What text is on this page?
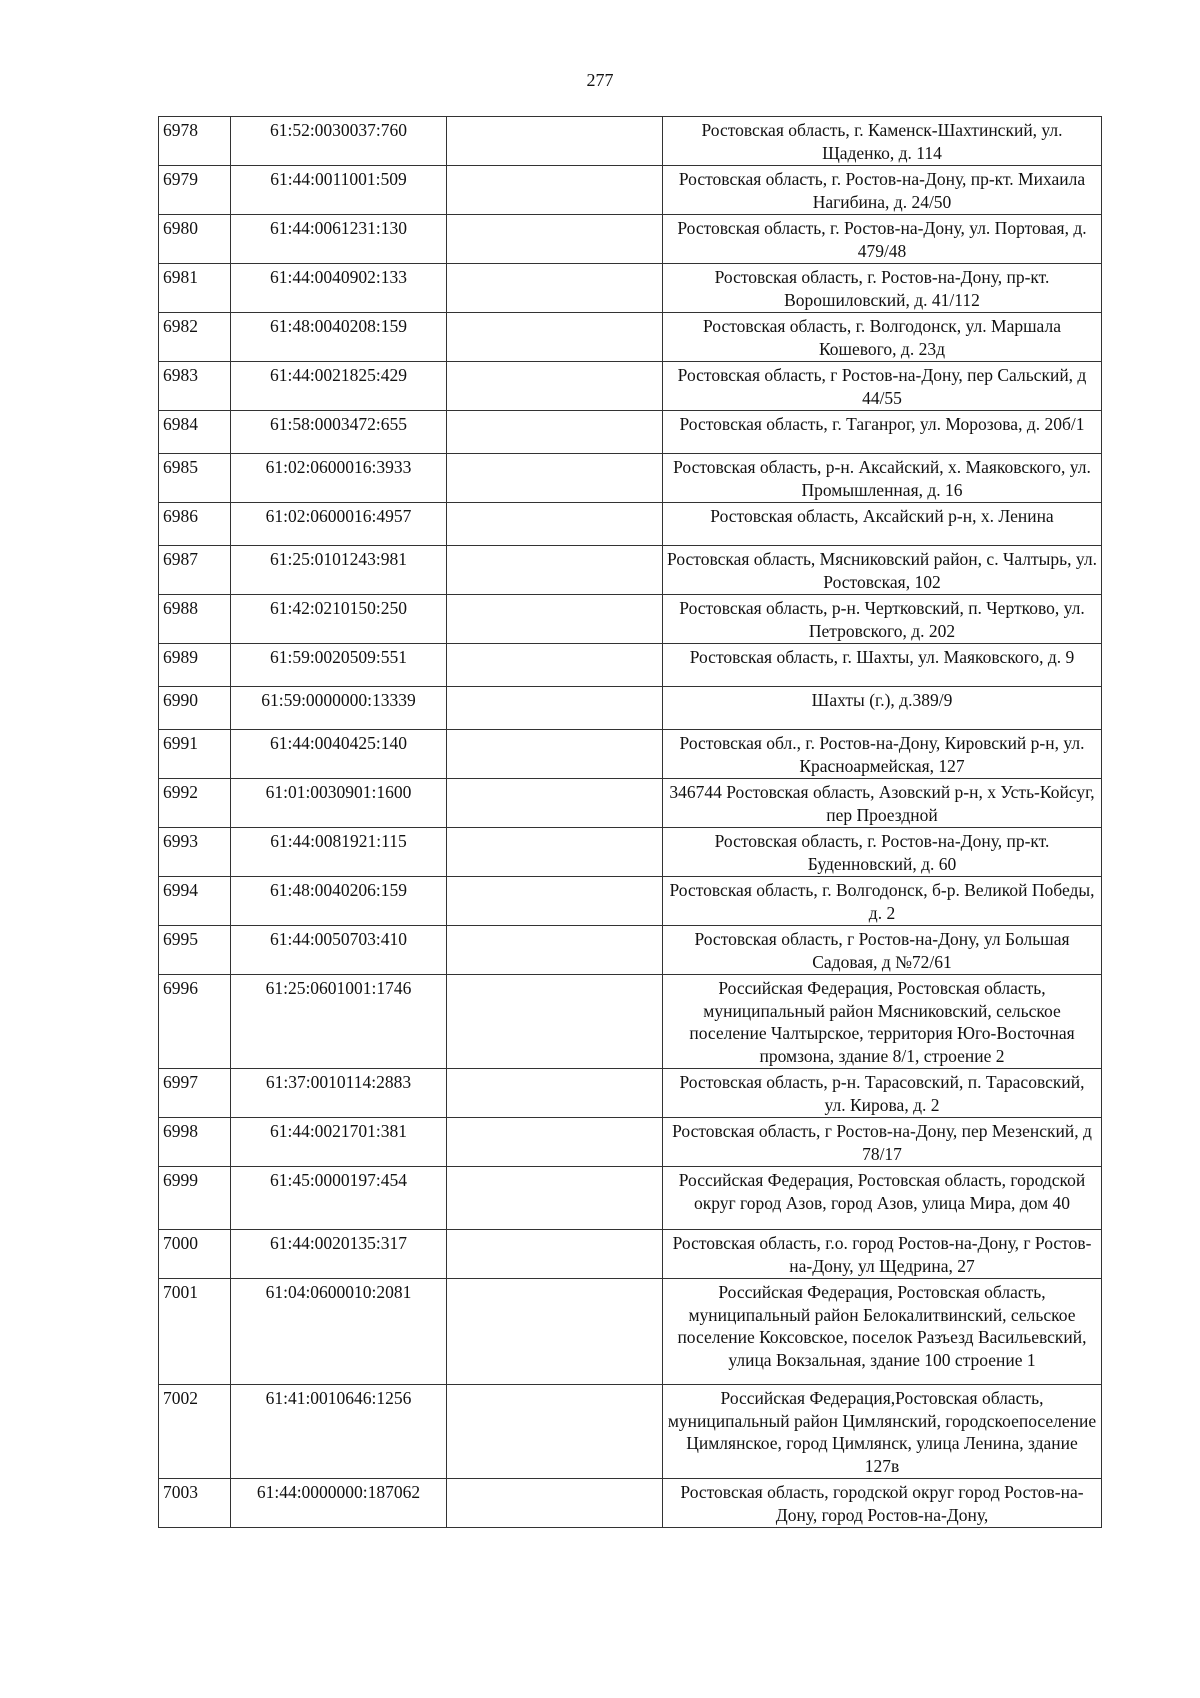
277
6978	61:52:0030037:760		Ростовская область, г. Каменск-Шахтинский, ул. Щаденко, д. 114
6979	61:44:0011001:509		Ростовская область, г. Ростов-на-Дону, пр-кт. Михаила Нагибина, д. 24/50
6980	61:44:0061231:130		Ростовская область, г. Ростов-на-Дону, ул. Портовая, д. 479/48
6981	61:44:0040902:133		Ростовская область, г. Ростов-на-Дону, пр-кт. Ворошиловский, д. 41/112
6982	61:48:0040208:159		Ростовская область, г. Волгодонск, ул. Маршала Кошевого, д. 23д
6983	61:44:0021825:429		Ростовская область, г Ростов-на-Дону, пер Сальский, д 44/55
6984	61:58:0003472:655		Ростовская область, г. Таганрог, ул. Морозова, д. 20б/1
6985	61:02:0600016:3933		Ростовская область, р-н. Аксайский, х. Маяковского, ул. Промышленная, д. 16
6986	61:02:0600016:4957		Ростовская область, Аксайский р-н, х. Ленина
6987	61:25:0101243:981		Ростовская область, Мясниковский район, с. Чалтырь, ул. Ростовская, 102
6988	61:42:0210150:250		Ростовская область, р-н. Чертковский, п. Чертково, ул. Петровского, д. 202
6989	61:59:0020509:551		Ростовская область, г. Шахты, ул. Маяковского, д. 9
6990	61:59:0000000:13339		Шахты (г.), д.389/9
6991	61:44:0040425:140		Ростовская обл., г. Ростов-на-Дону, Кировский р-н, ул. Красноармейская, 127
6992	61:01:0030901:1600		346744 Ростовская область, Азовский р-н, х Усть-Койсуг, пер Проездной
6993	61:44:0081921:115		Ростовская область, г. Ростов-на-Дону, пр-кт. Буденновский, д. 60
6994	61:48:0040206:159		Ростовская область, г. Волгодонск, б-р. Великой Победы, д. 2
6995	61:44:0050703:410		Ростовская область, г Ростов-на-Дону, ул Большая Садовая, д №72/61
6996	61:25:0601001:1746		Российская Федерация, Ростовская область, муниципальный район Мясниковский, сельское поселение Чалтырское, территория Юго-Восточная промзона, здание 8/1, строение 2
6997	61:37:0010114:2883		Ростовская область, р-н. Тарасовский, п. Тарасовский, ул. Кирова, д. 2
6998	61:44:0021701:381		Ростовская область, г Ростов-на-Дону, пер Мезенский, д 78/17
6999	61:45:0000197:454		Российская Федерация, Ростовская область, городской округ город Азов, город Азов, улица Мира, дом 40
7000	61:44:0020135:317		Ростовская область, г.о. город Ростов-на-Дону, г Ростов-на-Дону, ул Щедрина, 27
7001	61:04:0600010:2081		Российская Федерация, Ростовская область, муниципальный район Белокалитвинский, сельское поселение Коксовское, поселок Разъезд Васильевский, улица Вокзальная, здание 100 строение 1
7002	61:41:0010646:1256		Российская Федерация,Ростовская область, муниципальный район Цимлянский, городскоепоселение Цимлянское, город Цимлянск, улица Ленина, здание 127в
7003	61:44:0000000:187062		Ростовская область, городской округ город Ростов-на-Дону, город Ростов-на-Дону,
